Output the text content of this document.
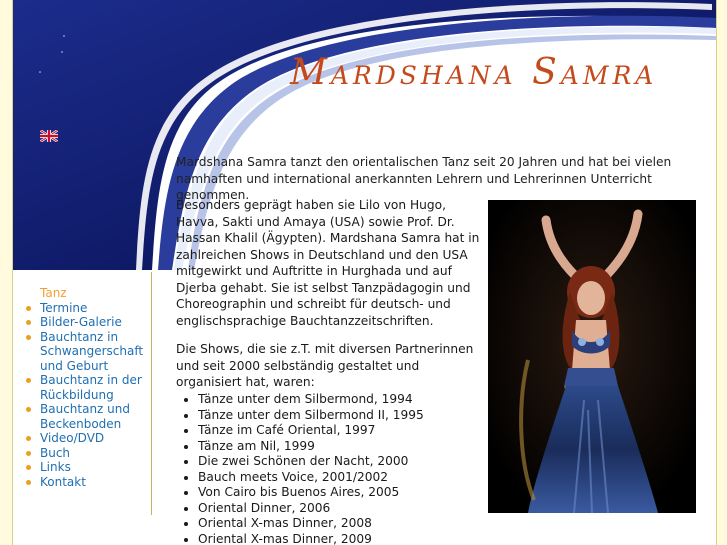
Mardshana Samra
Tanz
Termine
Bilder-Galerie
Bauchtanz in Schwangerschaft und Geburt
Bauchtanz in der Rückbildung
Bauchtanz und Beckenboden
Video/DVD
Buch
Links
Kontakt

Mardshana Samra tanzt den orientalischen Tanz seit 20 Jahren und hat bei vielen namhaften und international anerkannten Lehrern und Lehrerinnen Unterricht genommen.

Besonders geprägt haben sie Lilo von Hugo, Havva, Sakti und Amaya (USA) sowie Prof. Dr. Hassan Khalil (Ägypten). Mardshana Samra hat in zahlreichen Shows in Deutschland und den USA mitgewirkt und Auftritte in Hurghada und auf Djerba gehabt. Sie ist selbst Tanzpädagogin und Choreographin und schreibt für deutsch- und englischsprachige Bauchtanzzeitschriften.

Die Shows, die sie z.T. mit diversen Partnerinnen und seit 2000 selbständig gestaltet und organisiert hat, waren:

• Tänze unter dem Silbermond, 1994
• Tänze unter dem Silbermond II, 1995
• Tänze im Café Oriental, 1997
• Tänze am Nil, 1999
• Die zwei Schönen der Nacht, 2000
• Bauch meets Voice, 2001/2002
• Von Cairo bis Buenos Aires, 2005
• Oriental Dinner, 2006
• Oriental X-mas Dinner, 2008
• Oriental X-mas Dinner, 2009
